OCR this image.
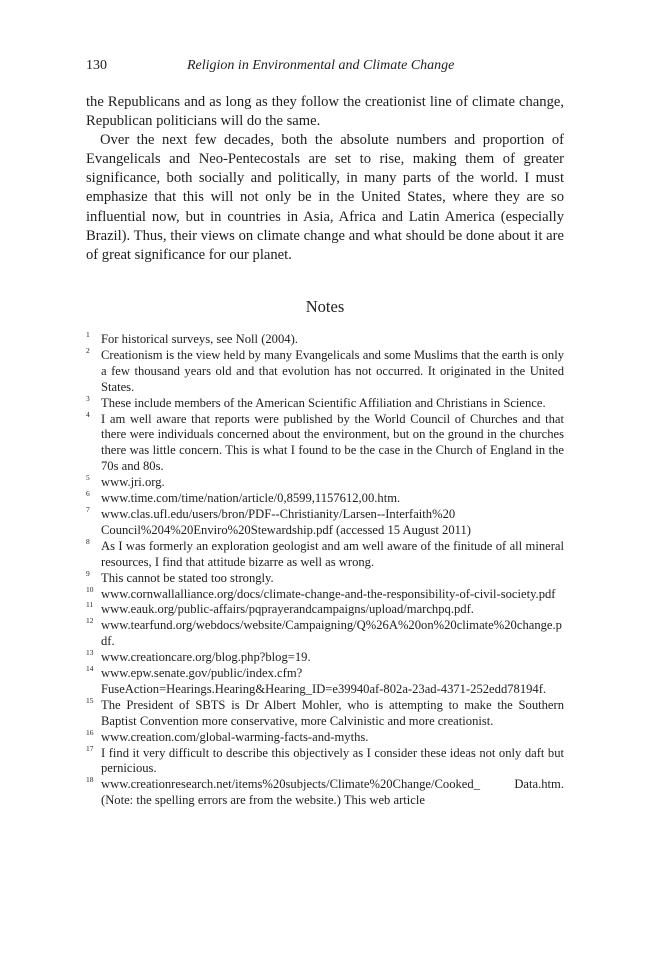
130	Religion in Environmental and Climate Change

the Republicans and as long as they follow the creationist line of climate change, Republican politicians will do the same.

Over the next few decades, both the absolute numbers and proportion of Evangelicals and Neo-Pentecostals are set to rise, making them of greater significance, both socially and politically, in many parts of the world. I must emphasize that this will not only be in the United States, where they are so influential now, but in countries in Asia, Africa and Latin America (especially Brazil). Thus, their views on climate change and what should be done about it are of great significance for our planet.

Notes
1 For historical surveys, see Noll (2004).
2 Creationism is the view held by many Evangelicals and some Muslims that the earth is only a few thousand years old and that evolution has not occurred. It originated in the United States.
3 These include members of the American Scientific Affiliation and Christians in Science.
4 I am well aware that reports were published by the World Council of Churches and that there were individuals concerned about the environment, but on the ground in the churches there was little concern. This is what I found to be the case in the Church of England in the 70s and 80s.
5 www.jri.org.
6 www.time.com/time/nation/article/0,8599,1157612,00.htm.
7 www.clas.ufl.edu/users/bron/PDF--Christianity/Larsen--Interfaith%20 Council%204%20Enviro%20Stewardship.pdf (accessed 15 August 2011)
8 As I was formerly an exploration geologist and am well aware of the finitude of all mineral resources, I find that attitude bizarre as well as wrong.
9 This cannot be stated too strongly.
10 www.cornwallalliance.org/docs/climate-change-and-the-responsibility-of-civil-society.pdf
11 www.eauk.org/public-affairs/pqprayerandcampaigns/upload/marchpq.pdf.
12 www.tearfund.org/webdocs/website/Campaigning/Q%26A%20on%20climate%20change.pdf.
13 www.creationcare.org/blog.php?blog=19.
14 www.epw.senate.gov/public/index.cfm?FuseAction=Hearings.Hearing&Hearing_ID=e39940af-802a-23ad-4371-252edd78194f.
15 The President of SBTS is Dr Albert Mohler, who is attempting to make the Southern Baptist Convention more conservative, more Calvinistic and more creationist.
16 www.creation.com/global-warming-facts-and-myths.
17 I find it very difficult to describe this objectively as I consider these ideas not only daft but pernicious.
18 www.creationresearch.net/items%20subjects/Climate%20Change/Cooked_ Data.htm. (Note: the spelling errors are from the website.) This web article
